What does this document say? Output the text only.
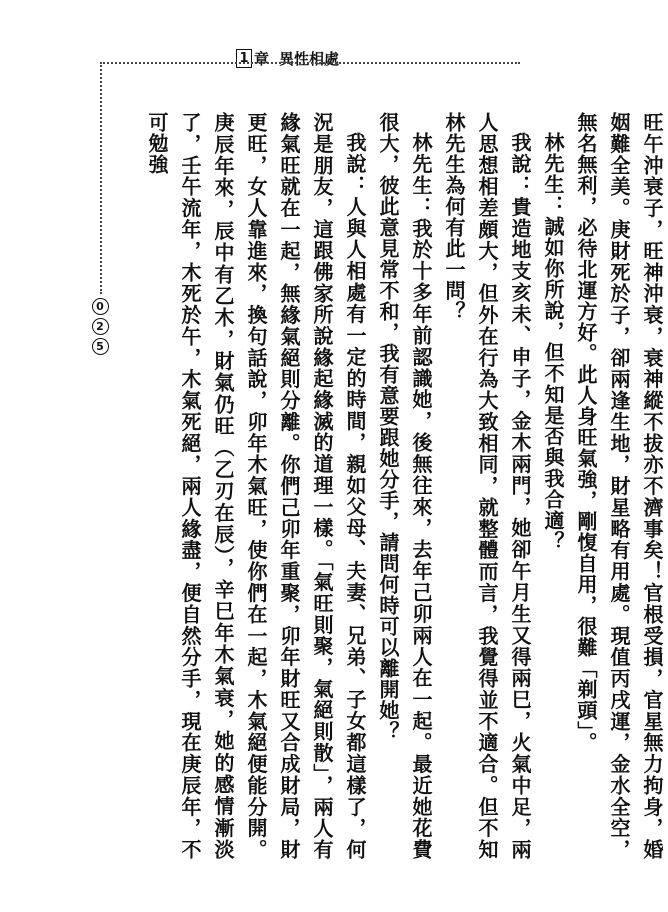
1 章 異性相處
0
2
5	旺午沖衰子，旺神沖衰，衰神縱不拔亦不濟事矣！官根受損，官星無力拘身，婚姻難全美。庚財死於子，卻兩逢生地，財星略有用處。現值丙戌運，金水全空，無名無利，必待北運方好。此人身旺氣強，剛愎自用，很難「剃頭」。

林先生：誠如你所說，但不知是否與我合適？

我說：貴造地支亥未、申子，金木兩門，她卻午月生又得兩巳，火氣中足，兩人思想相差頗大，但外在行為大致相同，就整體而言，我覺得並不適合。但不知林先生為何有此一問？

林先生：我於十多年前認識她，後無往來，去年己卯兩人在一起。最近她花費很大，彼此意見常不和，我有意要跟她分手，請問何時可以離開她？

我說：人與人相處有一定的時間，親如父母、夫妻、兄弟、子女都這樣了，何況是朋友，這跟佛家所說緣起緣滅的道理一樣。「氣旺則聚，氣絕則散」，兩人有緣氣旺就在一起，無緣氣絕則分離。你們己卯年重聚，卯年財旺又合成財局，財更旺，女人靠進來，換句話說，卯年木氣旺，使你們在一起，木氣絕便能分開。庚辰年來，辰中有乙木，財氣仍旺（乙刃在辰），辛巳年木氣衰，她的感情漸淡了，壬午流年，木死於午，木氣死絕，兩人緣盡，便自然分手，現在庚辰年，不可勉強
